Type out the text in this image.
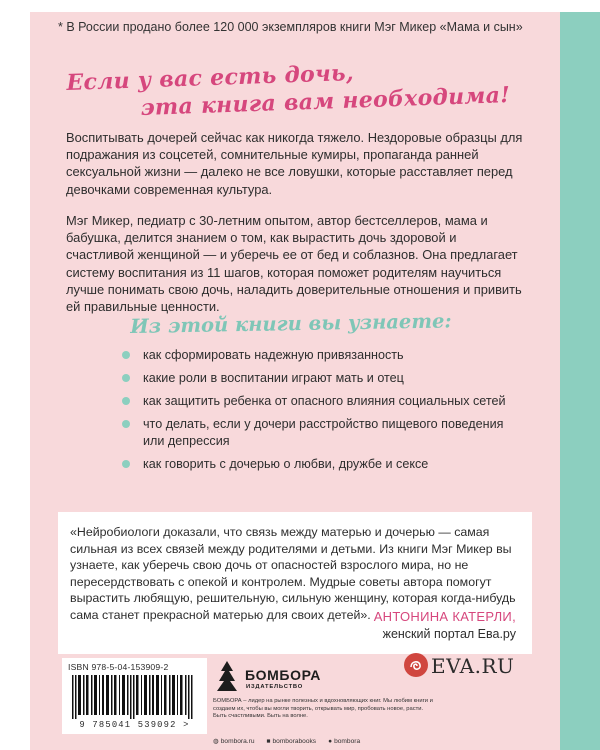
* В России продано более 120 000 экземпляров книги Мэг Микер «Мама и сын»
Если у вас есть дочь,
эта книга вам необходима!

Воспитывать дочерей сейчас как никогда тяжело. Нездоровые образцы для подражания из соцсетей, сомнительные кумиры, пропаганда ранней сексуальной жизни — далеко не все ловушки, которые расставляет перед девочками современная культура.

Мэг Микер, педиатр с 30-летним опытом, автор бестселлеров, мама и бабушка, делится знанием о том, как вырастить дочь здоровой и счастливой женщиной — и уберечь ее от бед и соблазнов. Она предлагает систему воспитания из 11 шагов, которая поможет родителям научиться лучше понимать свою дочь, наладить доверительные отношения и привить ей правильные ценности.

Из этой книги вы узнаете:
как сформировать надежную привязанность
какие роли в воспитании играют мать и отец
как защитить ребенка от опасного влияния социальных сетей
что делать, если у дочери расстройство пищевого поведения или депрессия
как говорить с дочерью о любви, дружбе и сексе

«Нейробиологи доказали, что связь между матерью и дочерью — самая сильная из всех связей между родителями и детьми. Из книги Мэг Микер вы узнаете, как уберечь свою дочь от опасностей взрослого мира, но не пересердствовать с опекой и контролем. Мудрые советы автора помогут вырастить любящую, решительную, сильную женщину, которая когда-нибудь сама станет прекрасной матерью для своих детей». АНТОНИНА КАТЕРЛИ,
женский портал Ева.ру
ISBN 978-5-04-153909-2
9 785041 539092 >
БОМБОРА
ИЗДАТЕЛЬСТВО
БОМБОРА – лидер на рынке полезных и вдохновляющих книг. Мы любим книги и создаем их, чтобы вы могли творить, открывать мир, пробовать новое, расти. Быть счастливыми. Быть на волне.
◍ bombora.ru ■ bomborabooks ● bombora
EVA.RU
